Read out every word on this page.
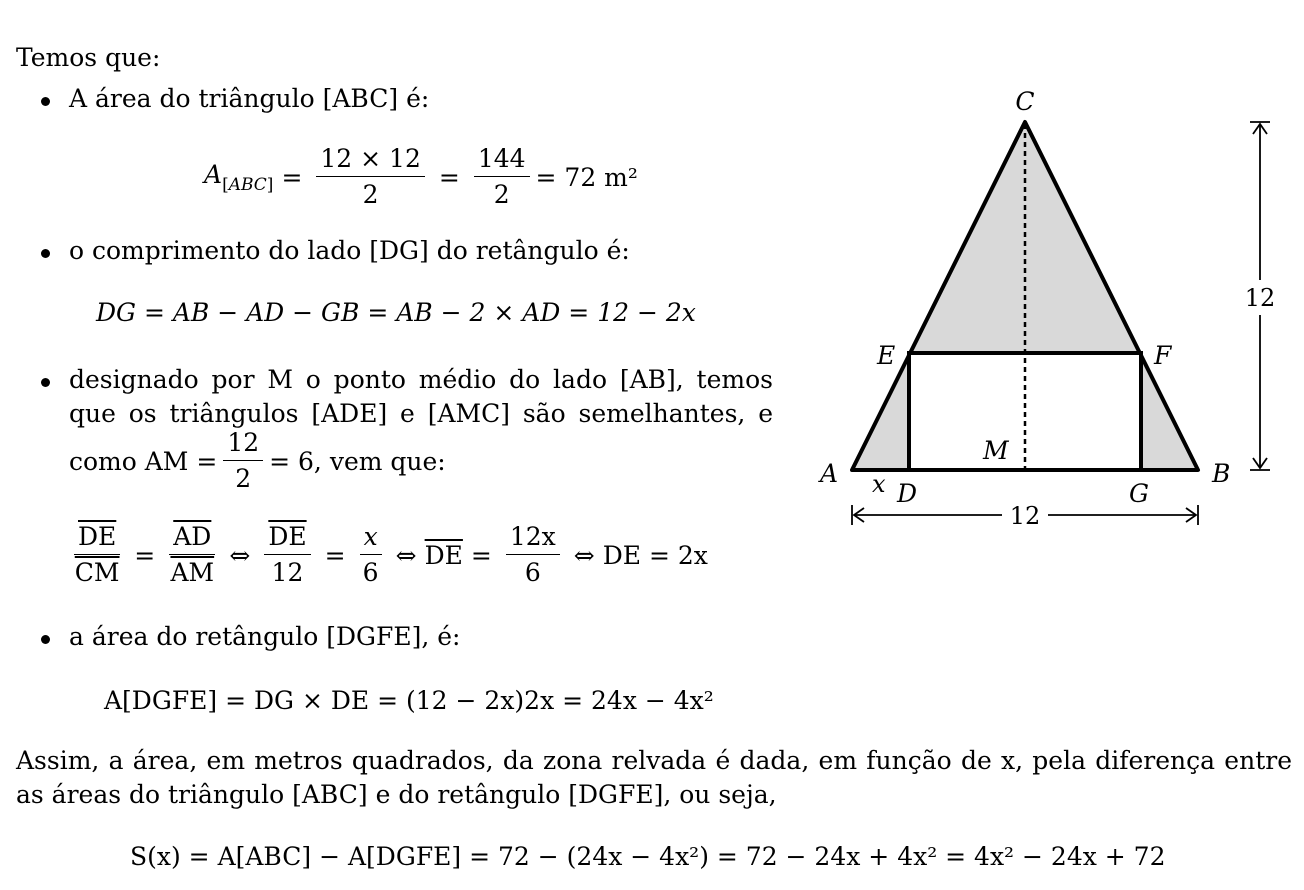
Temos que:
A área do triângulo [ABC] é:
$A_{[ABC]} = \frac{12 \times 12}{2} = \frac{144}{2} = 72$ m²
o comprimento do lado [DG] do retângulo é:
DG = AB − AD − GB = AB − 2 × AD = 12 − 2x
designado por M o ponto médio do lado [AB], temos
que os triângulos [ADE] e [AMC] são semelhantes, e
como AM = $\frac{12}{2} = 6$, vem que:
$\frac{\overline{DE}}{CM} = \frac{\overline{AD}}{AM}$ ⇔ $\frac{\overline{DE}}{12} = \frac{x}{6}$ ⇔ $\overline{DE} = \frac{12x}{6}$ ⇔ DE = 2x
a área do retângulo [DGFE], é:
A[DGFE] = DG × DE = (12 − 2x)2x = 24x − 4x²
Assim, a área, em metros quadrados, da zona relvada é dada, em função de x, pela diferença entre
as áreas do triângulo [ABC] e do retângulo [DGFE], ou seja,
S(x) = A[ABC] − A[DGFE] = 72 − (24x − 4x²) = 72 − 24x + 4x² = 4x² − 24x + 72
12
12
C
A	B
E	F
D	G
M
x
